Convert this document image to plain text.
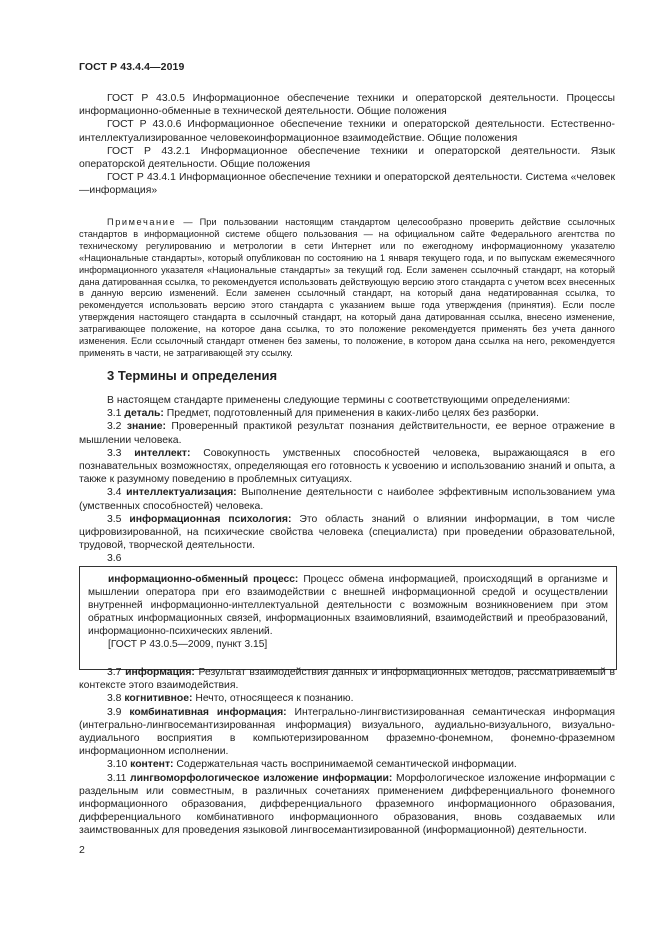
ГОСТ Р 43.4.4—2019

ГОСТ Р 43.0.5 Информационное обеспечение техники и операторской деятельности. Процессы информационно-обменные в технической деятельности. Общие положения

ГОСТ Р 43.0.6 Информационное обеспечение техники и операторской деятельности. Естественно-интеллектуализированное человекоинформационное взаимодействие. Общие положения

ГОСТ Р 43.2.1 Информационное обеспечение техники и операторской деятельности. Язык операторской деятельности. Общие положения

ГОСТ Р 43.4.1 Информационное обеспечение техники и операторской деятельности. Система «человек—информация»

Примечание — При пользовании настоящим стандартом целесообразно проверить действие ссылочных стандартов в информационной системе общего пользования — на официальном сайте Федерального агентства по техническому регулированию и метрологии в сети Интернет или по ежегодному информационному указателю «Национальные стандарты», который опубликован по состоянию на 1 января текущего года, и по выпускам ежемесячного информационного указателя «Национальные стандарты» за текущий год. Если заменен ссылочный стандарт, на который дана датированная ссылка, то рекомендуется использовать действующую версию этого стандарта с учетом всех внесенных в данную версию изменений. Если заменен ссылочный стандарт, на который дана недатированная ссылка, то рекомендуется использовать версию этого стандарта с указанием выше года утверждения (принятия). Если после утверждения настоящего стандарта в ссылочный стандарт, на который дана датированная ссылка, внесено изменение, затрагивающее положение, на которое дана ссылка, то это положение рекомендуется применять без учета данного изменения. Если ссылочный стандарт отменен без замены, то положение, в котором дана ссылка на него, рекомендуется применять в части, не затрагивающей эту ссылку.

3 Термины и определения

В настоящем стандарте применены следующие термины с соответствующими определениями:

3.1 деталь: Предмет, подготовленный для применения в каких-либо целях без разборки.

3.2 знание: Проверенный практикой результат познания действительности, ее верное отражение в мышлении человека.

3.3 интеллект: Совокупность умственных способностей человека, выражающаяся в его познавательных возможностях, определяющая его готовность к усвоению и использованию знаний и опыта, а также к разумному поведению в проблемных ситуациях.

3.4 интеллектуализация: Выполнение деятельности с наиболее эффективным использованием ума (умственных способностей) человека.

3.5 информационная психология: Это область знаний о влиянии информации, в том числе цифровизированной, на психические свойства человека (специалиста) при проведении образовательной, трудовой, творческой деятельности.

3.6

информационно-обменный процесс: Процесс обмена информацией, происходящий в организме и мышлении оператора при его взаимодействии с внешней информационной средой и осуществлении внутренней информационно-интеллектуальной деятельности с возможным возникновением при этом обратных информационных связей, информационных взаимовлияний, взаимодействий и преобразований, информационно-психических явлений.

[ГОСТ Р 43.0.5—2009, пункт 3.15]

3.7 информация: Результат взаимодействия данных и информационных методов, рассматриваемый в контексте этого взаимодействия.

3.8 когнитивное: Нечто, относящееся к познанию.

3.9 комбинативная информация: Интегрально-лингвистизированная семантическая информация (интегрально-лингвосемантизированная информация) визуального, аудиально-визуального, визуально-аудиального восприятия в компьютеризированном фраземно-фонемном, фонемно-фраземном информационном исполнении.

3.10 контент: Содержательная часть воспринимаемой семантической информации.

3.11 лингвоморфологическое изложение информации: Морфологическое изложение информации с раздельным или совместным, в различных сочетаниях применением дифференциального фонемного информационного образования, дифференциального фраземного информационного образования, дифференциального комбинативного информационного образования, вновь создаваемых или заимствованных для проведения языковой лингвосемантизированной (информационной) деятельности.

2
